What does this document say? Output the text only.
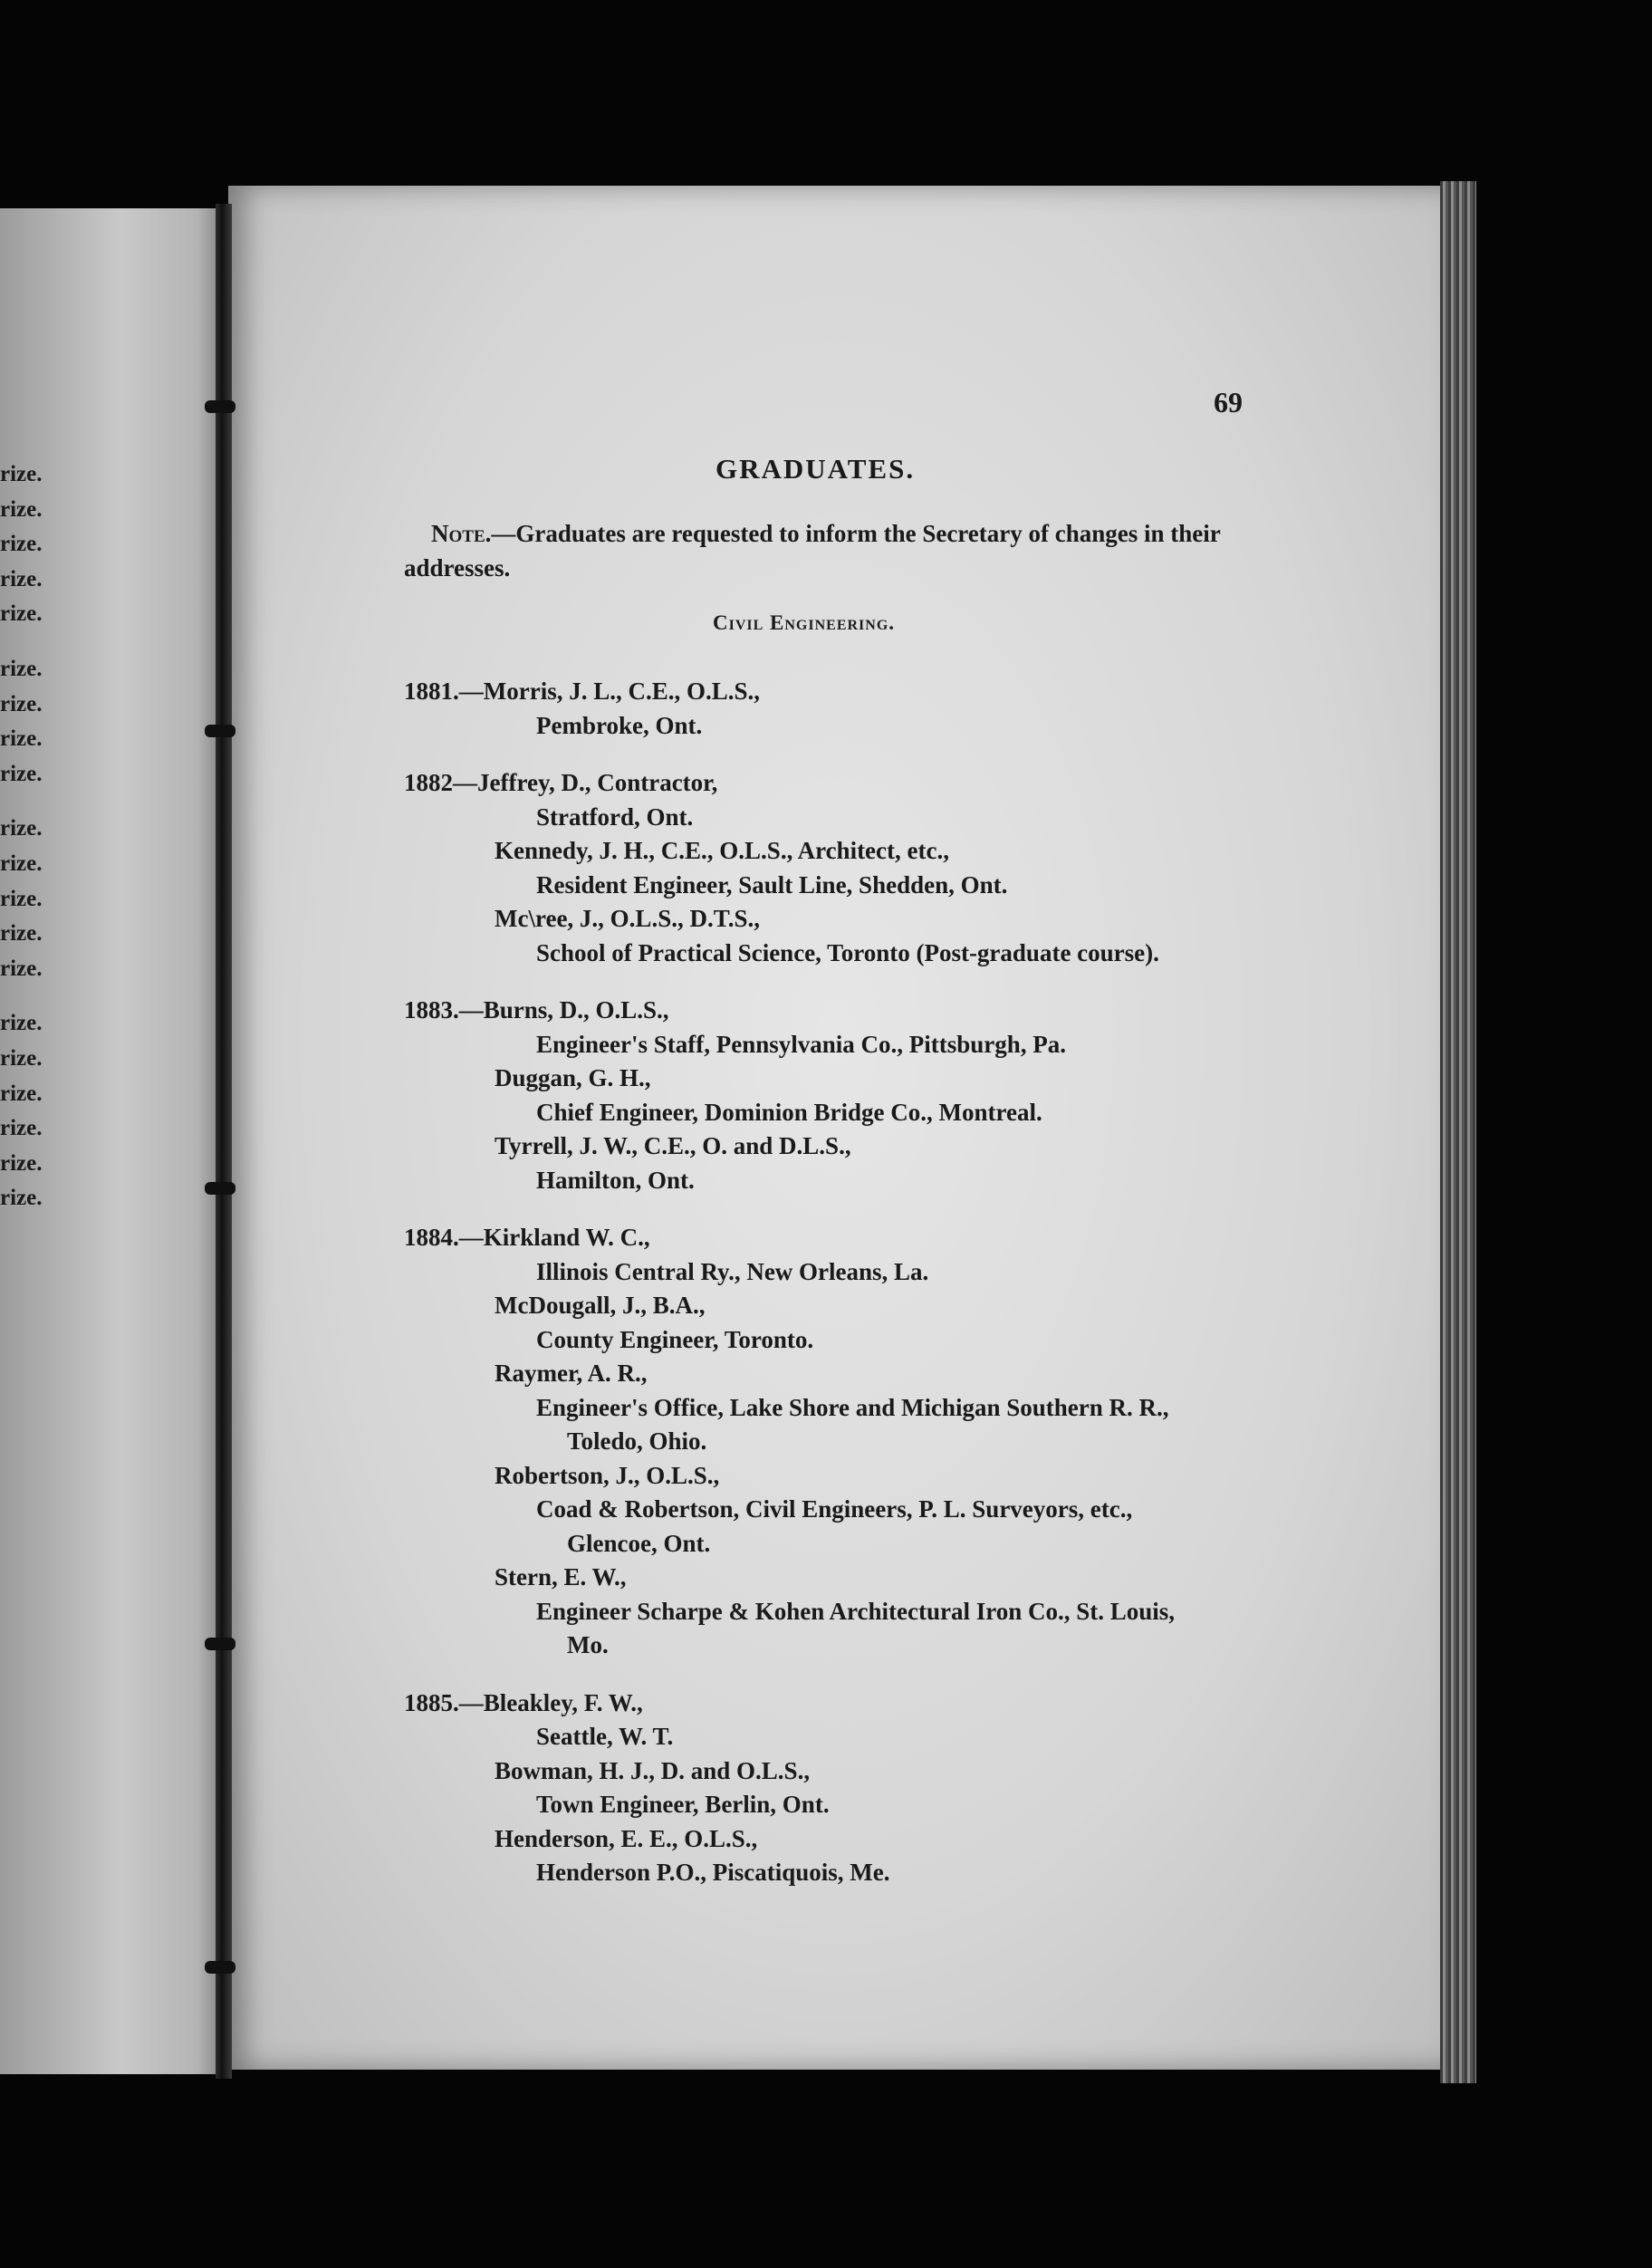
rize.
rize.
rize.
rize.
rize.
rize.
rize.
rize.
rize.
rize.
rize.
rize.
rize.
rize.
rize.
rize.
rize.
rize.
rize.
rize.
69
GRADUATES.
Note.—Graduates are requested to inform the Secretary of changes in their addresses.
Civil Engineering.
1881.—Morris, J. L., C.E., O.L.S.,
Pembroke, Ont.
1882—Jeffrey, D., Contractor,
Stratford, Ont.
Kennedy, J. H., C.E., O.L.S., Architect, etc.,
Resident Engineer, Sault Line, Shedden, Ont.
Mc\ree, J., O.L.S., D.T.S.,
School of Practical Science, Toronto (Post-graduate course).
1883.—Burns, D., O.L.S.,
Engineer's Staff, Pennsylvania Co., Pittsburgh, Pa.
Duggan, G. H.,
Chief Engineer, Dominion Bridge Co., Montreal.
Tyrrell, J. W., C.E., O. and D.L.S.,
Hamilton, Ont.
1884.—Kirkland W. C.,
Illinois Central Ry., New Orleans, La.
McDougall, J., B.A.,
County Engineer, Toronto.
Raymer, A. R.,
Engineer's Office, Lake Shore and Michigan Southern R. R.,
Toledo, Ohio.
Robertson, J., O.L.S.,
Coad & Robertson, Civil Engineers, P. L. Surveyors, etc.,
Glencoe, Ont.
Stern, E. W.,
Engineer Scharpe & Kohen Architectural Iron Co., St. Louis,
Mo.
1885.—Bleakley, F. W.,
Seattle, W. T.
Bowman, H. J., D. and O.L.S.,
Town Engineer, Berlin, Ont.
Henderson, E. E., O.L.S.,
Henderson P.O., Piscatiquois, Me.
